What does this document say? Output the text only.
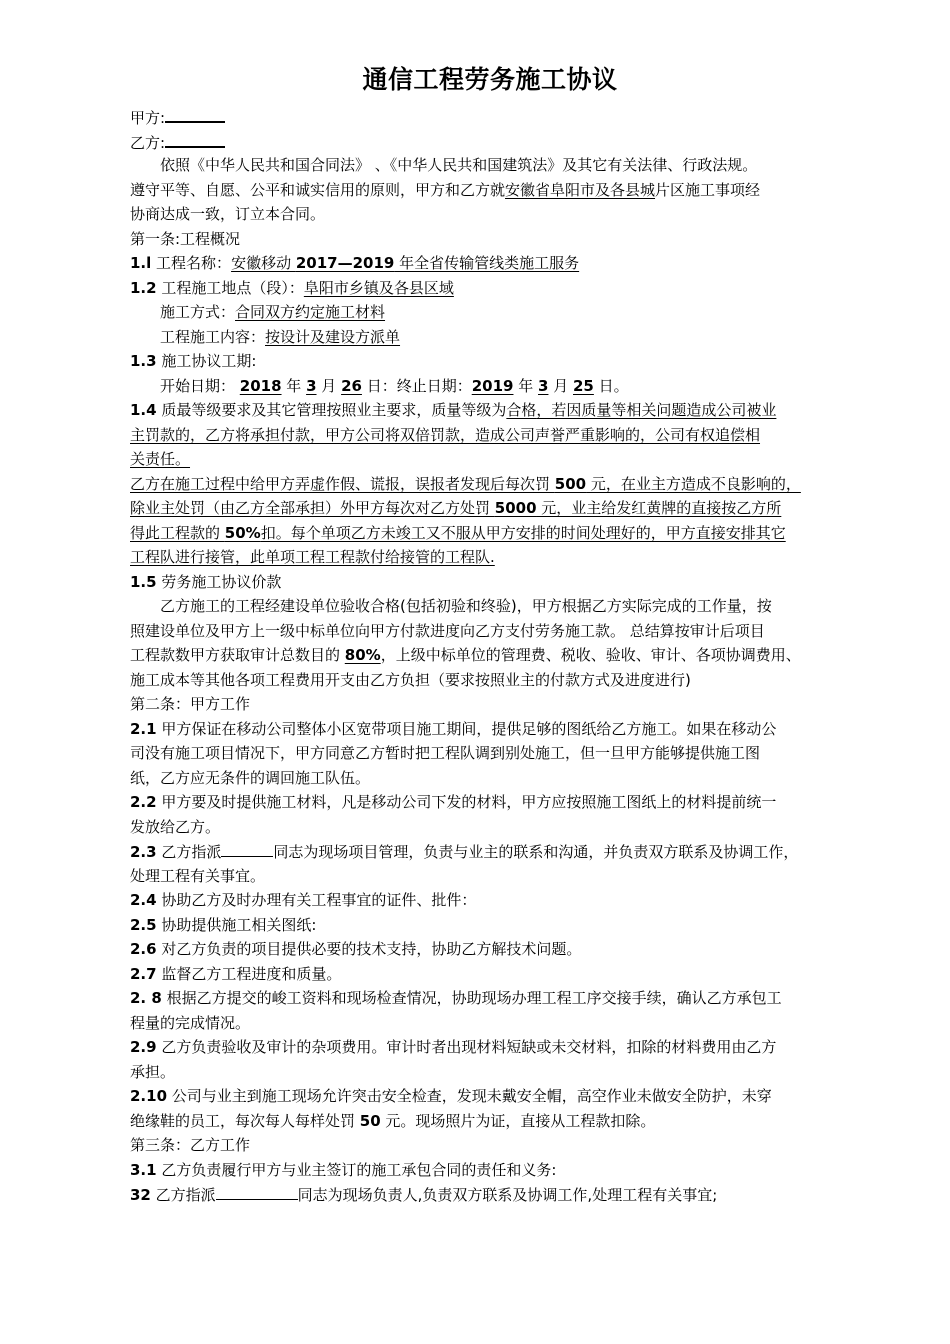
通信工程劳务施工协议
甲方:
乙方:
依照《中华人民共和国合同法》 、《中华人民共和国建筑法》及其它有关法律、行政法规。
遵守平等、自愿、公平和诚实信用的原则，甲方和乙方就安徽省阜阳市及各县城片区施工事项经
协商达成一致，订立本合同。
第一条:工程概况
1.l 工程名称：安徽移动 2017—2019 年全省传输管线类施工服务
1.2 工程施工地点（段）：阜阳市乡镇及各县区域
施工方式：合同双方约定施工材料
工程施工内容：按设计及建设方派单
1.3 施工协议工期:
开始日期： 2018 年 3 月 26 日：终止日期：2019 年 3 月 25 日。
1.4 质最等级要求及其它管理按照业主要求，质量等级为合格，若因质量等相关问题造成公司被业
主罚款的，乙方将承担付款，甲方公司将双倍罚款，造成公司声誉严重影响的，公司有权追偿相
关责任。
乙方在施工过程中给甲方弄虚作假、谎报，误报者发现后每次罚 500 元，在业主方造成不良影响的，
除业主处罚（由乙方全部承担）外甲方每次对乙方处罚 5000 元，业主给发红黄牌的直接按乙方所
得此工程款的 50%扣。每个单项乙方未竣工又不服从甲方安排的时间处理好的，甲方直接安排其它
工程队进行接管，此单项工程工程款付给接管的工程队.
1.5 劳务施工协议价款
乙方施工的工程经建设单位验收合格(包括初验和终验)，甲方根据乙方实际完成的工作量，按
照建设单位及甲方上一级中标单位向甲方付款进度向乙方支付劳务施工款。 总结算按审计后项目
工程款数甲方获取审计总数目的 80%，上级中标单位的管理费、税收、验收、审计、各项协调费用、
施工成本等其他各项工程费用开支由乙方负担（要求按照业主的付款方式及进度进行)
第二条：甲方工作
2.1 甲方保证在移动公司整体小区宽带项目施工期间，提供足够的图纸给乙方施工。如果在移动公
司没有施工项目情况下，甲方同意乙方暂时把工程队调到别处施工，但一旦甲方能够提供施工图
纸，乙方应无条件的调回施工队伍。
2.2 甲方要及时提供施工材料，凡是移动公司下发的材料，甲方应按照施工图纸上的材料提前统一
发放给乙方。
2.3 乙方指派	同志为现场项目管理，负责与业主的联系和沟通，并负责双方联系及协调工作，
处理工程有关事宜。
2.4 协助乙方及时办理有关工程事宜的证件、批件：
2.5 协助提供施工相关图纸:
2.6 对乙方负责的项目提供必要的技术支持，协助乙方解技术问题。
2.7 监督乙方工程进度和质量。
2. 8 根据乙方提交的峻工资料和现场检查情况，协助现场办理工程工序交接手续，确认乙方承包工
程量的完成情况。
2.9 乙方负责验收及审计的杂项费用。审计时者出现材料短缺或未交材料，扣除的材料费用由乙方
承担。
2.10 公司与业主到施工现场允许突击安全检查，发现未戴安全帽，高空作业未做安全防护，未穿
绝缘鞋的员工，每次每人每样处罚 50 元。现场照片为证，直接从工程款扣除。
第三条：乙方工作
3.1 乙方负责履行甲方与业主签订的施工承包合同的责任和义务:
32 乙方指派	同志为现场负责人,负责双方联系及协调工作,处理工程有关事宜;
